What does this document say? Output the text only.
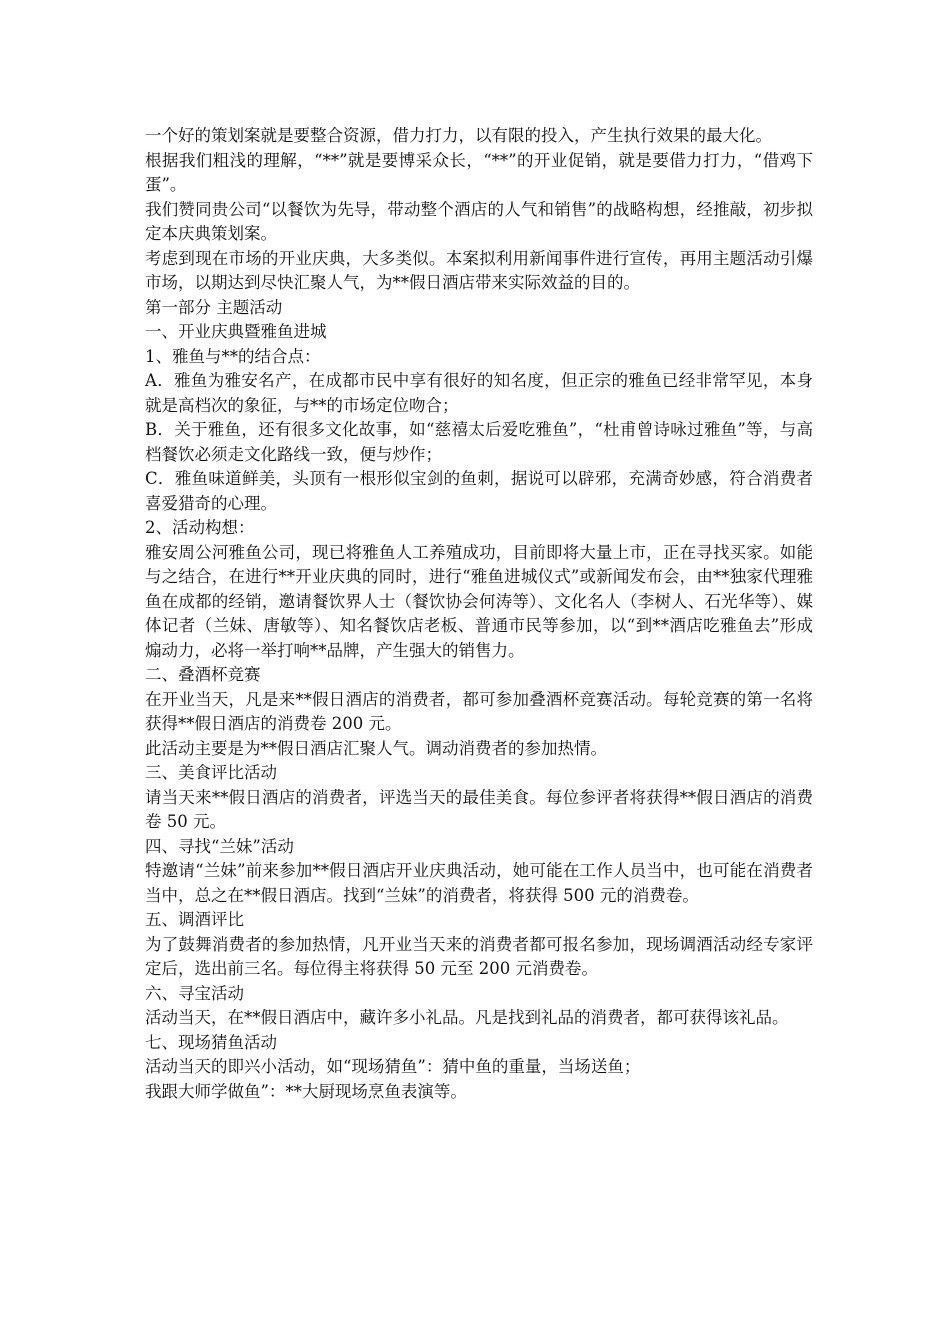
一个好的策划案就是要整合资源，借力打力，以有限的投入，产生执行效果的最大化。

根据我们粗浅的理解，“**”就是要博采众长，“**”的开业促销，就是要借力打力，“借鸡下蛋”。

我们赞同贵公司“以餐饮为先导，带动整个酒店的人气和销售”的战略构想，经推敲，初步拟定本庆典策划案。

考虑到现在市场的开业庆典，大多类似。本案拟利用新闻事件进行宣传，再用主题活动引爆市场，以期达到尽快汇聚人气，为**假日酒店带来实际效益的目的。

第一部分 主题活动

一、开业庆典暨雅鱼进城

1、雅鱼与**的结合点：

A．雅鱼为雅安名产，在成都市民中享有很好的知名度，但正宗的雅鱼已经非常罕见，本身就是高档次的象征，与**的市场定位吻合；

B．关于雅鱼，还有很多文化故事，如“慈禧太后爱吃雅鱼”，“杜甫曾诗咏过雅鱼”等，与高档餐饮必须走文化路线一致，便与炒作；

C．雅鱼味道鲜美，头顶有一根形似宝剑的鱼刺，据说可以辟邪，充满奇妙感，符合消费者喜爱猎奇的心理。

2、活动构想：

雅安周公河雅鱼公司，现已将雅鱼人工养殖成功，目前即将大量上市，正在寻找买家。如能与之结合，在进行**开业庆典的同时，进行“雅鱼进城仪式”或新闻发布会，由**独家代理雅鱼在成都的经销，邀请餐饮界人士（餐饮协会何涛等）、文化名人（李树人、石光华等）、媒体记者（兰妹、唐敏等）、知名餐饮店老板、普通市民等参加，以“到**酒店吃雅鱼去”形成煽动力，必将一举打响**品牌，产生强大的销售力。

二、叠酒杯竞赛

在开业当天，凡是来**假日酒店的消费者，都可参加叠酒杯竞赛活动。每轮竞赛的第一名将获得**假日酒店的消费卷 200 元。

此活动主要是为**假日酒店汇聚人气。调动消费者的参加热情。

三、美食评比活动

请当天来**假日酒店的消费者，评选当天的最佳美食。每位参评者将获得**假日酒店的消费卷 50 元。

四、寻找“兰妹”活动

特邀请“兰妹”前来参加**假日酒店开业庆典活动，她可能在工作人员当中，也可能在消费者当中，总之在**假日酒店。找到“兰妹”的消费者，将获得 500 元的消费卷。

五、调酒评比

为了鼓舞消费者的参加热情，凡开业当天来的消费者都可报名参加，现场调酒活动经专家评定后，选出前三名。每位得主将获得 50 元至 200 元消费卷。

六、寻宝活动

活动当天，在**假日酒店中，藏许多小礼品。凡是找到礼品的消费者，都可获得该礼品。

七、现场猜鱼活动

活动当天的即兴小活动，如“现场猜鱼”：猜中鱼的重量，当场送鱼；

我跟大师学做鱼”：**大厨现场烹鱼表演等。
